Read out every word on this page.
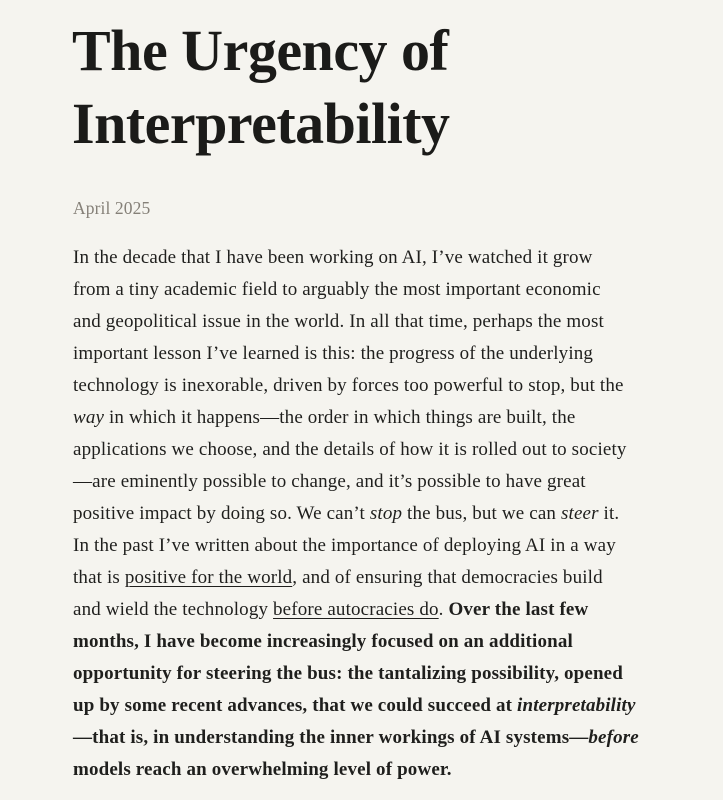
The Urgency of
Interpretability
April 2025
In the decade that I have been working on AI, I’ve watched it grow
from a tiny academic field to arguably the most important economic
and geopolitical issue in the world. In all that time, perhaps the most
important lesson I’ve learned is this: the progress of the underlying
technology is inexorable, driven by forces too powerful to stop, but the
way in which it happens—the order in which things are built, the
applications we choose, and the details of how it is rolled out to society
—are eminently possible to change, and it’s possible to have great
positive impact by doing so. We can’t stop the bus, but we can steer it.
In the past I’ve written about the importance of deploying AI in a way
that is positive for the world, and of ensuring that democracies build
and wield the technology before autocracies do. Over the last few
months, I have become increasingly focused on an additional
opportunity for steering the bus: the tantalizing possibility, opened
up by some recent advances, that we could succeed at interpretability
—that is, in understanding the inner workings of AI systems—before
models reach an overwhelming level of power.
